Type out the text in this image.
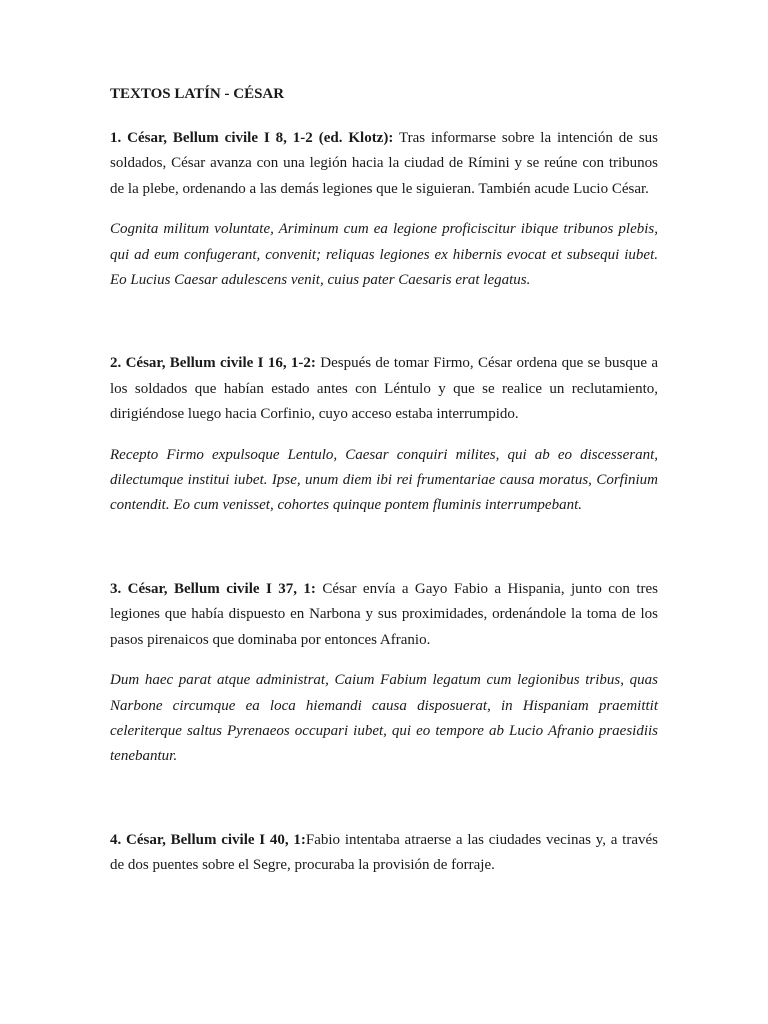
TEXTOS LATÍN - CÉSAR

1. César, Bellum civile I 8, 1-2 (ed. Klotz): Tras informarse sobre la intención de sus soldados, César avanza con una legión hacia la ciudad de Rímini y se reúne con tribunos de la plebe, ordenando a las demás legiones que le siguieran. También acude Lucio César.

Cognita militum voluntate, Ariminum cum ea legione proficiscitur ibique tribunos plebis, qui ad eum confugerant, convenit; reliquas legiones ex hibernis evocat et subsequi iubet. Eo Lucius Caesar adulescens venit, cuius pater Caesaris erat legatus.

2. César, Bellum civile I 16, 1-2: Después de tomar Firmo, César ordena que se busque a los soldados que habían estado antes con Léntulo y que se realice un reclutamiento, dirigiéndose luego hacia Corfinio, cuyo acceso estaba interrumpido.

Recepto Firmo expulsoque Lentulo, Caesar conquiri milites, qui ab eo discesserant, dilectumque institui iubet. Ipse, unum diem ibi rei frumentariae causa moratus, Corfinium contendit. Eo cum venisset, cohortes quinque pontem fluminis interrumpebant.

3. César, Bellum civile I 37, 1: César envía a Gayo Fabio a Hispania, junto con tres legiones que había dispuesto en Narbona y sus proximidades, ordenándole la toma de los pasos pirenaicos que dominaba por entonces Afranio.

Dum haec parat atque administrat, Caium Fabium legatum cum legionibus tribus, quas Narbone circumque ea loca hiemandi causa disposuerat, in Hispaniam praemittit celeriterque saltus Pyrenaeos occupari iubet, qui eo tempore ab Lucio Afranio praesidiis tenebantur.

4. César, Bellum civile I 40, 1:Fabio intentaba atraerse a las ciudades vecinas y, a través de dos puentes sobre el Segre, procuraba la provisión de forraje.
